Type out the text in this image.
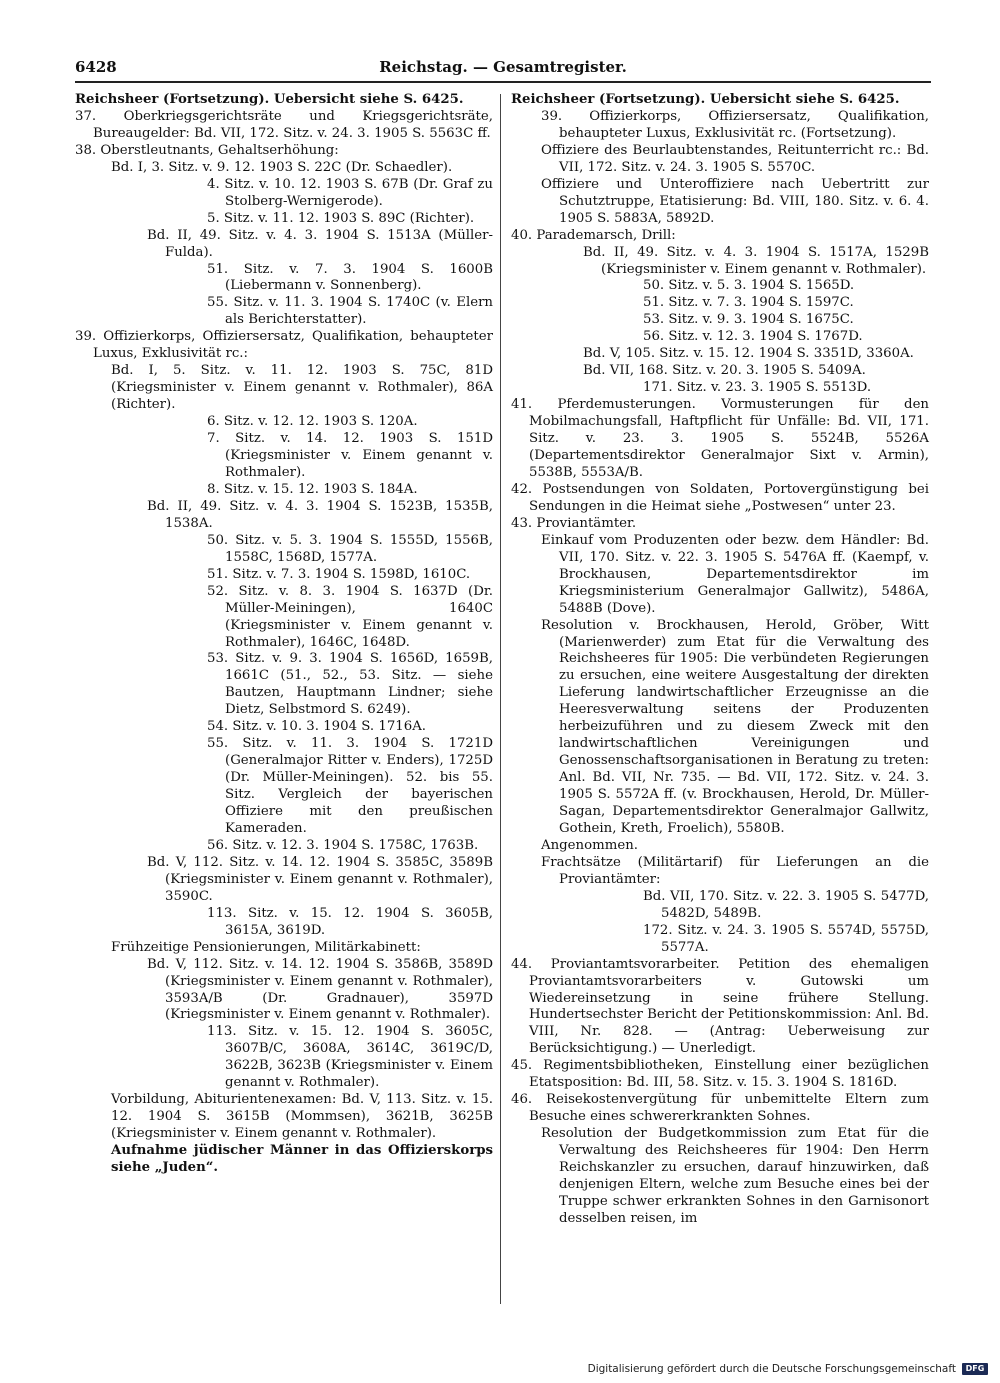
6428	Reichstag. — Gesamtregister.

Reichsheer (Fortsetzung). Uebersicht siehe S. 6425.

37. Oberkriegsgerichtsräte und Kriegsgerichtsräte, Bureaugelder: Bd. VII, 172. Sitz. v. 24. 3. 1905 S. 5563C ff.

38. Oberstleutnants, Gehaltserhöhung:

Bd. I, 3. Sitz. v. 9. 12. 1903 S. 22C (Dr. Schaedler).

4. Sitz. v. 10. 12. 1903 S. 67B (Dr. Graf zu Stolberg-Wernigerode).

5. Sitz. v. 11. 12. 1903 S. 89C (Richter).

Bd. II, 49. Sitz. v. 4. 3. 1904 S. 1513A (Müller-Fulda).

51. Sitz. v. 7. 3. 1904 S. 1600B (Liebermann v. Sonnenberg).

55. Sitz. v. 11. 3. 1904 S. 1740C (v. Elern als Berichterstatter).

39. Offizierkorps, Offiziersersatz, Qualifikation, behaupteter Luxus, Exklusivität rc.:

Bd. I, 5. Sitz. v. 11. 12. 1903 S. 75C, 81D (Kriegsminister v. Einem genannt v. Rothmaler), 86A (Richter).

6. Sitz. v. 12. 12. 1903 S. 120A.

7. Sitz. v. 14. 12. 1903 S. 151D (Kriegsminister v. Einem genannt v. Rothmaler).

8. Sitz. v. 15. 12. 1903 S. 184A.

Bd. II, 49. Sitz. v. 4. 3. 1904 S. 1523B, 1535B, 1538A.

50. Sitz. v. 5. 3. 1904 S. 1555D, 1556B, 1558C, 1568D, 1577A.

51. Sitz. v. 7. 3. 1904 S. 1598D, 1610C.

52. Sitz. v. 8. 3. 1904 S. 1637D (Dr. Müller-Meiningen), 1640C (Kriegsminister v. Einem genannt v. Rothmaler), 1646C, 1648D.

53. Sitz. v. 9. 3. 1904 S. 1656D, 1659B, 1661C (51., 52., 53. Sitz. — siehe Bautzen, Hauptmann Lindner; siehe Dietz, Selbstmord S. 6249).

54. Sitz. v. 10. 3. 1904 S. 1716A.

55. Sitz. v. 11. 3. 1904 S. 1721D (Generalmajor Ritter v. Enders), 1725D (Dr. Müller-Meiningen). 52. bis 55. Sitz. Vergleich der bayerischen Offiziere mit den preußischen Kameraden.

56. Sitz. v. 12. 3. 1904 S. 1758C, 1763B.

Bd. V, 112. Sitz. v. 14. 12. 1904 S. 3585C, 3589B (Kriegsminister v. Einem genannt v. Rothmaler), 3590C.

113. Sitz. v. 15. 12. 1904 S. 3605B, 3615A, 3619D.

Frühzeitige Pensionierungen, Militärkabinett:

Bd. V, 112. Sitz. v. 14. 12. 1904 S. 3586B, 3589D (Kriegsminister v. Einem genannt v. Rothmaler), 3593A/B (Dr. Gradnauer), 3597D (Kriegsminister v. Einem genannt v. Rothmaler).

113. Sitz. v. 15. 12. 1904 S. 3605C, 3607B/C, 3608A, 3614C, 3619C/D, 3622B, 3623B (Kriegsminister v. Einem genannt v. Rothmaler).

Vorbildung, Abiturientenexamen: Bd. V, 113. Sitz. v. 15. 12. 1904 S. 3615B (Mommsen), 3621B, 3625B (Kriegsminister v. Einem genannt v. Rothmaler).

Aufnahme jüdischer Männer in das Offizierskorps siehe „Juden“.

Reichsheer (Fortsetzung). Uebersicht siehe S. 6425.

39. Offizierkorps, Offiziersersatz, Qualifikation, behaupteter Luxus, Exklusivität rc. (Fortsetzung).

Offiziere des Beurlaubtenstandes, Reitunterricht rc.: Bd. VII, 172. Sitz. v. 24. 3. 1905 S. 5570C.

Offiziere und Unteroffiziere nach Uebertritt zur Schutztruppe, Etatisierung: Bd. VIII, 180. Sitz. v. 6. 4. 1905 S. 5883A, 5892D.

40. Parademarsch, Drill:

Bd. II, 49. Sitz. v. 4. 3. 1904 S. 1517A, 1529B (Kriegsminister v. Einem genannt v. Rothmaler).

50. Sitz. v. 5. 3. 1904 S. 1565D.

51. Sitz. v. 7. 3. 1904 S. 1597C.

53. Sitz. v. 9. 3. 1904 S. 1675C.

56. Sitz. v. 12. 3. 1904 S. 1767D.

Bd. V, 105. Sitz. v. 15. 12. 1904 S. 3351D, 3360A.

Bd. VII, 168. Sitz. v. 20. 3. 1905 S. 5409A.

171. Sitz. v. 23. 3. 1905 S. 5513D.

41. Pferdemusterungen. Vormusterungen für den Mobilmachungsfall, Haftpflicht für Unfälle: Bd. VII, 171. Sitz. v. 23. 3. 1905 S. 5524B, 5526A (Departementsdirektor Generalmajor Sixt v. Armin), 5538B, 5553A/B.

42. Postsendungen von Soldaten, Portovergünstigung bei Sendungen in die Heimat siehe „Postwesen“ unter 23.

43. Proviantämter.

Einkauf vom Produzenten oder bezw. dem Händler: Bd. VII, 170. Sitz. v. 22. 3. 1905 S. 5476A ff. (Kaempf, v. Brockhausen, Departementsdirektor im Kriegsministerium Generalmajor Gallwitz), 5486A, 5488B (Dove).

Resolution v. Brockhausen, Herold, Gröber, Witt (Marienwerder) zum Etat für die Verwaltung des Reichsheeres für 1905: Die verbündeten Regierungen zu ersuchen, eine weitere Ausgestaltung der direkten Lieferung landwirtschaftlicher Erzeugnisse an die Heeresverwaltung seitens der Produzenten herbeizuführen und zu diesem Zweck mit den landwirtschaftlichen Vereinigungen und Genossenschaftsorganisationen in Beratung zu treten: Anl. Bd. VII, Nr. 735. — Bd. VII, 172. Sitz. v. 24. 3. 1905 S. 5572A ff. (v. Brockhausen, Herold, Dr. Müller-Sagan, Departementsdirektor Generalmajor Gallwitz, Gothein, Kreth, Froelich), 5580B.

Angenommen.

Frachtsätze (Militärtarif) für Lieferungen an die Proviantämter:

Bd. VII, 170. Sitz. v. 22. 3. 1905 S. 5477D, 5482D, 5489B.

172. Sitz. v. 24. 3. 1905 S. 5574D, 5575D, 5577A.

44. Proviantamtsvorarbeiter. Petition des ehemaligen Proviantamtsvorarbeiters v. Gutowski um Wiedereinsetzung in seine frühere Stellung. Hundertsechster Bericht der Petitionskommission: Anl. Bd. VIII, Nr. 828. — (Antrag: Ueberweisung zur Berücksichtigung.) — Unerledigt.

45. Regimentsbibliotheken, Einstellung einer bezüglichen Etatsposition: Bd. III, 58. Sitz. v. 15. 3. 1904 S. 1816D.

46. Reisekostenvergütung für unbemittelte Eltern zum Besuche eines schwererkrankten Sohnes.

Resolution der Budgetkommission zum Etat für die Verwaltung des Reichsheeres für 1904: Den Herrn Reichskanzler zu ersuchen, darauf hinzuwirken, daß denjenigen Eltern, welche zum Besuche eines bei der Truppe schwer erkrankten Sohnes in den Garnisonort desselben reisen, im

Digitalisierung gefördert durch die Deutsche Forschungsgemeinschaft	DFG
